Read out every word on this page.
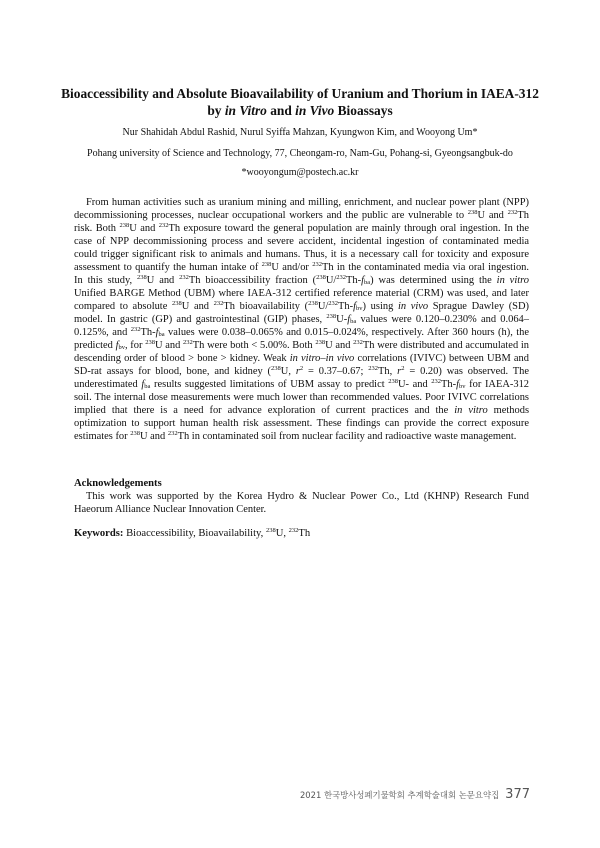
Bioaccessibility and Absolute Bioavailability of Uranium and Thorium in IAEA-312 by in Vitro and in Vivo Bioassays

Nur Shahidah Abdul Rashid, Nurul Syiffa Mahzan, Kyungwon Kim, and Wooyong Um*

Pohang university of Science and Technology, 77, Cheongam-ro, Nam-Gu, Pohang-si, Gyeongsangbuk-do

*wooyongum@postech.ac.kr

From human activities such as uranium mining and milling, enrichment, and nuclear power plant (NPP) decommissioning processes, nuclear occupational workers and the public are vulnerable to $^{238}$U and $^{232}$Th risk. Both $^{238}$U and $^{232}$Th exposure toward the general population are mainly through oral ingestion. In the case of NPP decommissioning process and severe accident, incidental ingestion of contaminated media could trigger significant risk to animals and humans. Thus, it is a necessary call for toxicity and exposure assessment to quantify the human intake of $^{238}$U and/or $^{232}$Th in the contaminated media via oral ingestion. In this study, $^{238}$U and $^{232}$Th bioaccessibility fraction $(^{238}U/^{232}Th-f_{ba})$ was determined using the in vitro Unified BARGE Method (UBM) where IAEA-312 certified reference material (CRM) was used, and later compared to absolute $^{238}$U and $^{232}$Th bioavailability $(^{238}U/^{232}Th-f_{bv})$ using in vivo Sprague Dawley (SD) model. In gastric (GP) and gastrointestinal (GIP) phases, $^{238}U-f_{ba}$ values were 0.120–0.230% and 0.064–0.125%, and $^{232}Th-f_{ba}$ values were 0.038–0.065% and 0.015–0.024%, respectively. After 360 hours (h), the predicted $f_{bv}$, for $^{238}$U and $^{232}$Th were both < 5.00%. Both $^{238}$U and $^{232}$Th were distributed and accumulated in descending order of blood > bone > kidney. Weak in vitro–in vivo correlations (IVIVC) between UBM and SD-rat assays for blood, bone, and kidney ($^{238}$U, $r^2 = 0.37-0.67$; $^{232}$Th, $r^2 = 0.20$) was observed. The underestimated $f_{ba}$ results suggested limitations of UBM assay to predict $^{238}$U- and $^{232}Th-f_{bv}$ for IAEA-312 soil. The internal dose measurements were much lower than recommended values. Poor IVIVC correlations implied that there is a need for advance exploration of current practices and the in vitro methods optimization to support human health risk assessment. These findings can provide the correct exposure estimates for $^{238}$U and $^{232}$Th in contaminated soil from nuclear facility and radioactive waste management.

Acknowledgements

This work was supported by the Korea Hydro & Nuclear Power Co., Ltd (KHNP) Research Fund Haeorum Alliance Nuclear Innovation Center.

Keywords: Bioaccessibility, Bioavailability, $^{238}$U, $^{232}$Th

2021 한국방사성폐기물학회 추계학술대회 논문요약집 377
